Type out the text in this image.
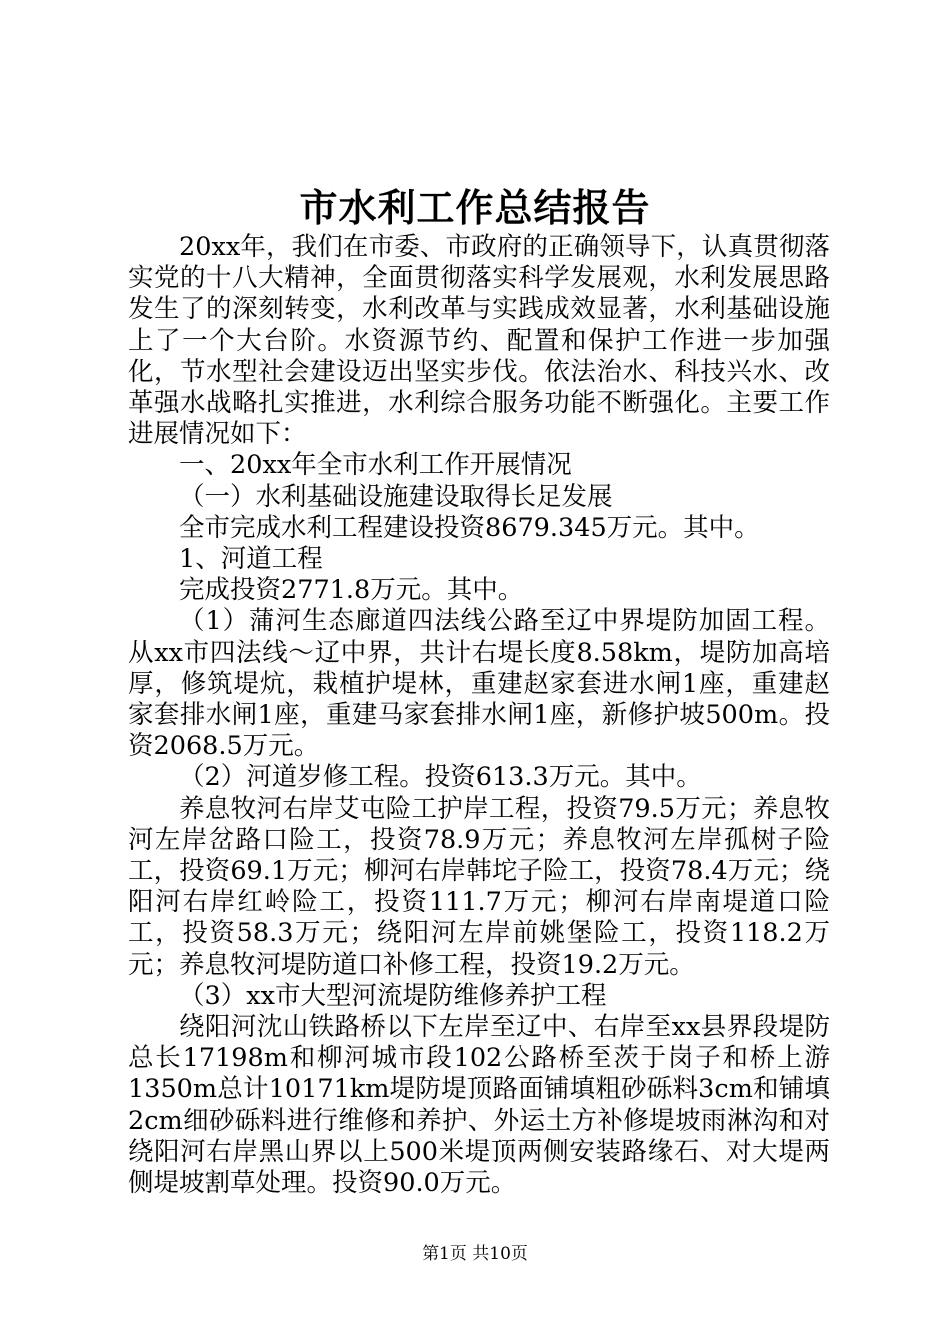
市水利工作总结报告

20xx年，我们在市委、市政府的正确领导下，认真贯彻落实党的十八大精神，全面贯彻落实科学发展观，水利发展思路发生了的深刻转变，水利改革与实践成效显著，水利基础设施上了一个大台阶。水资源节约、配置和保护工作进一步加强化，节水型社会建设迈出坚实步伐。依法治水、科技兴水、改革强水战略扎实推进，水利综合服务功能不断强化。主要工作进展情况如下：

一、20xx年全市水利工作开展情况

（一）水利基础设施建设取得长足发展

全市完成水利工程建设投资8679.345万元。其中。

1、河道工程

完成投资2771.8万元。其中。

（1）蒲河生态廊道四法线公路至辽中界堤防加固工程。从xx市四法线～辽中界，共计右堤长度8.58km，堤防加高培厚，修筑堤炕，栽植护堤林，重建赵家套进水闸1座，重建赵家套排水闸1座，重建马家套排水闸1座，新修护坡500m。投资2068.5万元。

（2）河道岁修工程。投资613.3万元。其中。

养息牧河右岸艾屯险工护岸工程，投资79.5万元；养息牧河左岸岔路口险工，投资78.9万元；养息牧河左岸孤树子险工，投资69.1万元；柳河右岸韩坨子险工，投资78.4万元；绕阳河右岸红岭险工，投资111.7万元；柳河右岸南堤道口险工，投资58.3万元；绕阳河左岸前姚堡险工，投资118.2万元；养息牧河堤防道口补修工程，投资19.2万元。

（3）xx市大型河流堤防维修养护工程

绕阳河沈山铁路桥以下左岸至辽中、右岸至xx县界段堤防总长17198m和柳河城市段102公路桥至茨于岗子和桥上游1350m总计10171km堤防堤顶路面铺填粗砂砾料3cm和铺填2cm细砂砾料进行维修和养护、外运土方补修堤坡雨淋沟和对绕阳河右岸黑山界以上500米堤顶两侧安装路缘石、对大堤两侧堤坡割草处理。投资90.0万元。

第1页 共10页
